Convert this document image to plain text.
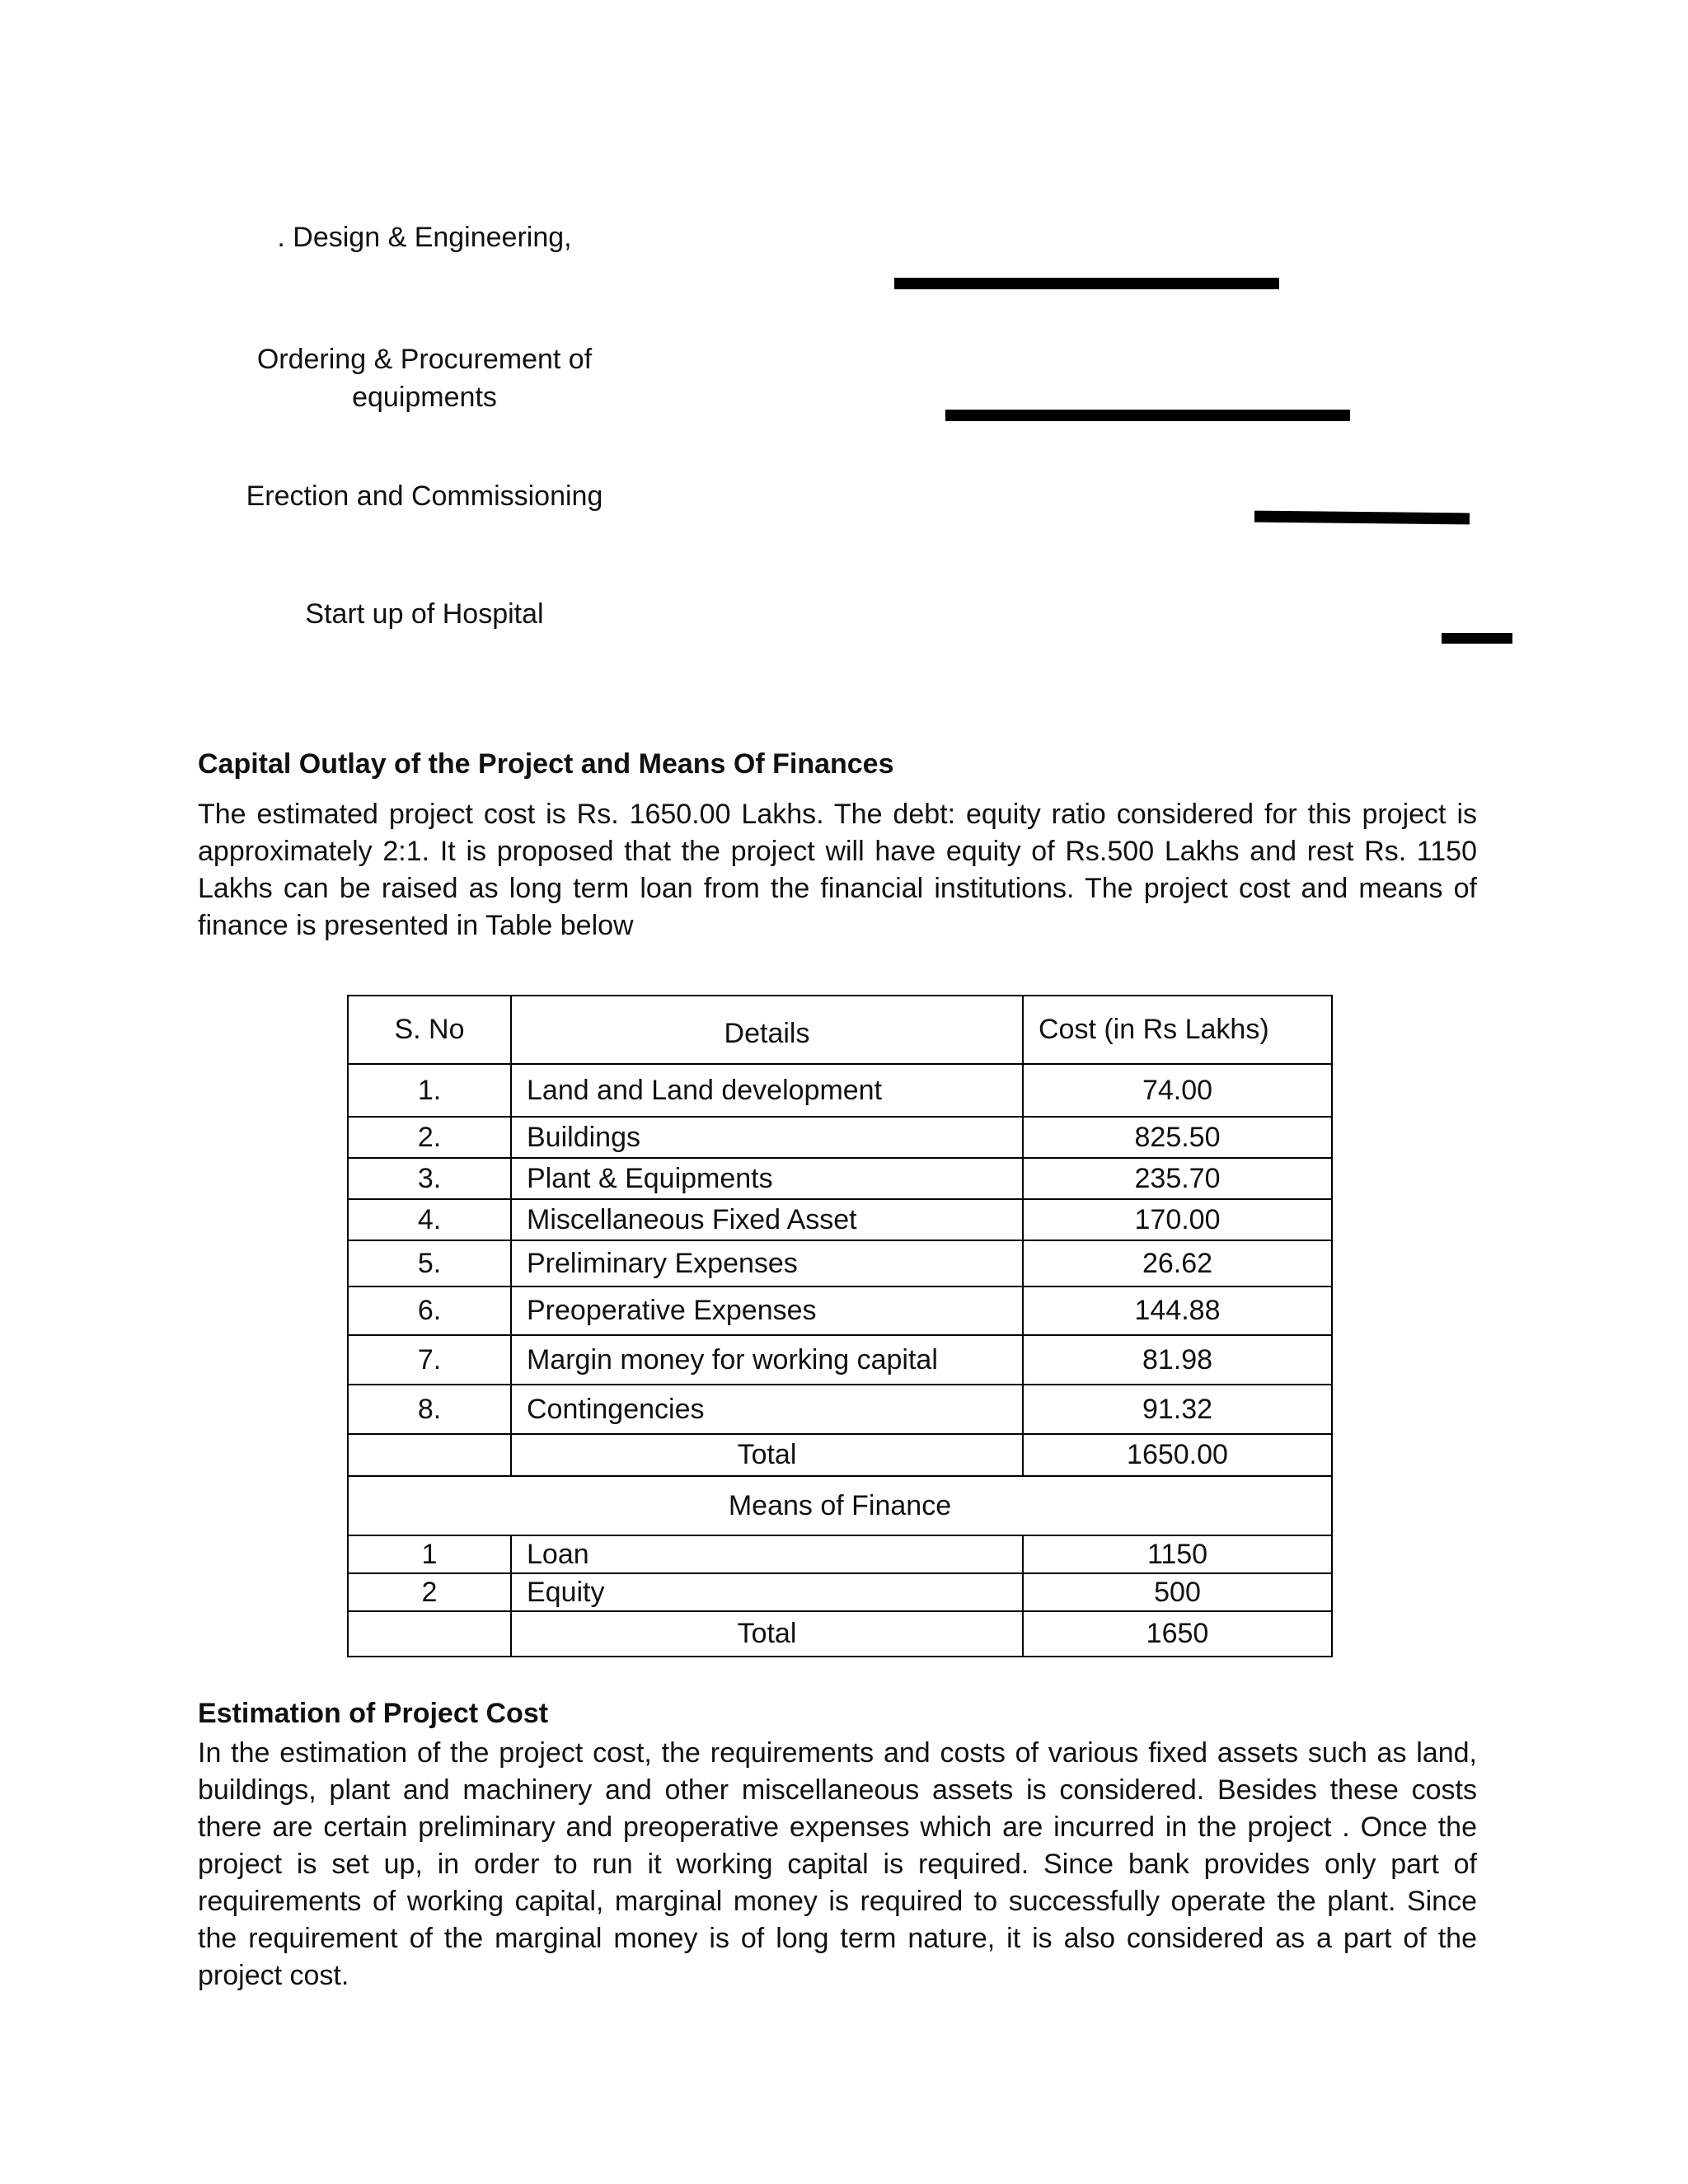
. Design & Engineering,
Ordering & Procurement of equipments
Erection and Commissioning
Start up of Hospital
Capital Outlay of the Project and Means Of Finances
The estimated project cost is Rs. 1650.00 Lakhs. The debt: equity ratio considered for this project is approximately 2:1. It is proposed that the project will have equity of Rs.500 Lakhs and rest Rs. 1150 Lakhs can be raised as long term loan from the financial institutions. The project cost and means of finance is presented in Table below
S. No	Details	Cost (in Rs Lakhs)
1.	Land and Land development	74.00
2.	Buildings	825.50
3.	Plant & Equipments	235.70
4.	Miscellaneous Fixed Asset	170.00
5.	Preliminary Expenses	26.62
6.	Preoperative Expenses	144.88
7.	Margin money for working capital	81.98
8.	Contingencies	91.32
	Total	1650.00
Means of Finance		
1	Loan	1150
2	Equity	500
	Total	1650
Estimation of Project Cost
In the estimation of the project cost, the requirements and costs of various fixed assets such as land, buildings, plant and machinery and other miscellaneous assets is considered. Besides these costs there are certain preliminary and preoperative expenses which are incurred in the project . Once the project is set up, in order to run it working capital is required. Since bank provides only part of requirements of working capital, marginal money is required to successfully operate the plant. Since the requirement of the marginal money is of long term nature, it is also considered as a part of the project cost.
